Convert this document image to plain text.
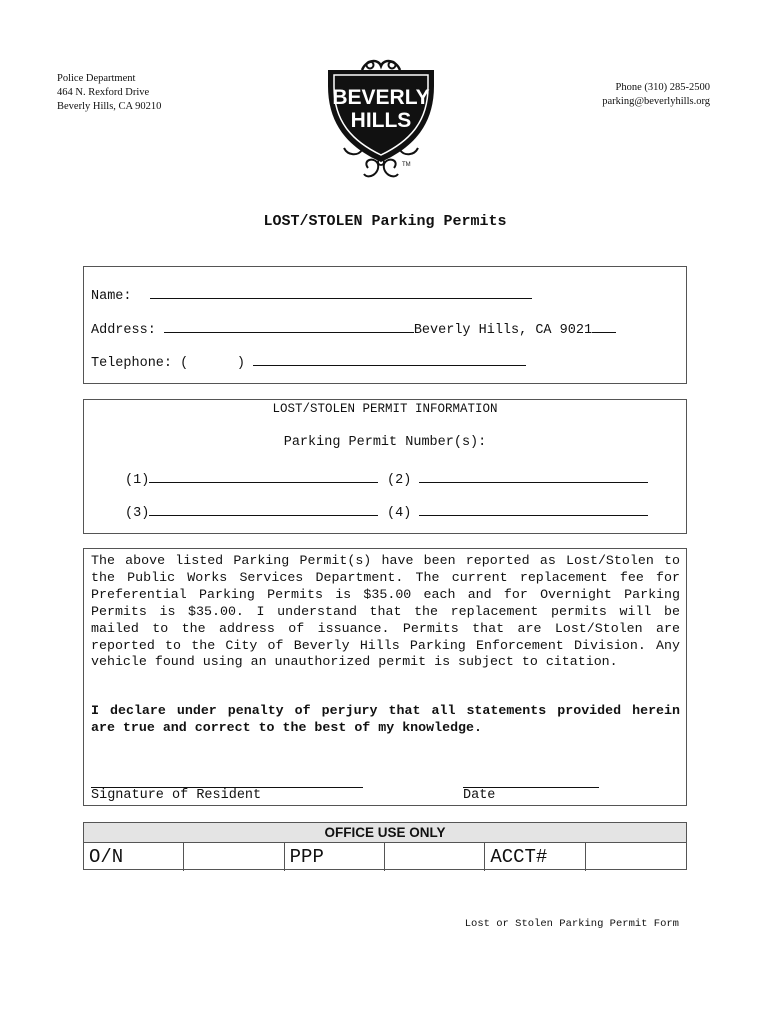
Police Department
464 N. Rexford Drive
Beverly Hills, CA 90210	BEVERLY
HILLS
TM
Phone (310) 285-2500
parking@beverlyhills.org
LOST/STOLEN Parking Permits
Name:
Address:	Beverly Hills, CA 9021
Telephone: (      )
LOST/STOLEN PERMIT INFORMATION
Parking Permit Number(s):
(1)	(2)
(3)	(4)
The above listed Parking Permit(s) have been reported as Lost/Stolen to the Public Works Services Department. The current replacement fee for Preferential Parking Permits is $35.00 each and for Overnight Parking Permits is $35.00. I understand that the replacement permits will be mailed to the address of issuance. Permits that are Lost/Stolen are reported to the City of Beverly Hills Parking Enforcement Division. Any vehicle found using an unauthorized permit is subject to citation.
I declare under penalty of perjury that all statements provided herein are true and correct to the best of my knowledge.
Signature of Resident	Date
OFFICE USE ONLY
O/N	PPP	ACCT#
Lost or Stolen Parking Permit Form
